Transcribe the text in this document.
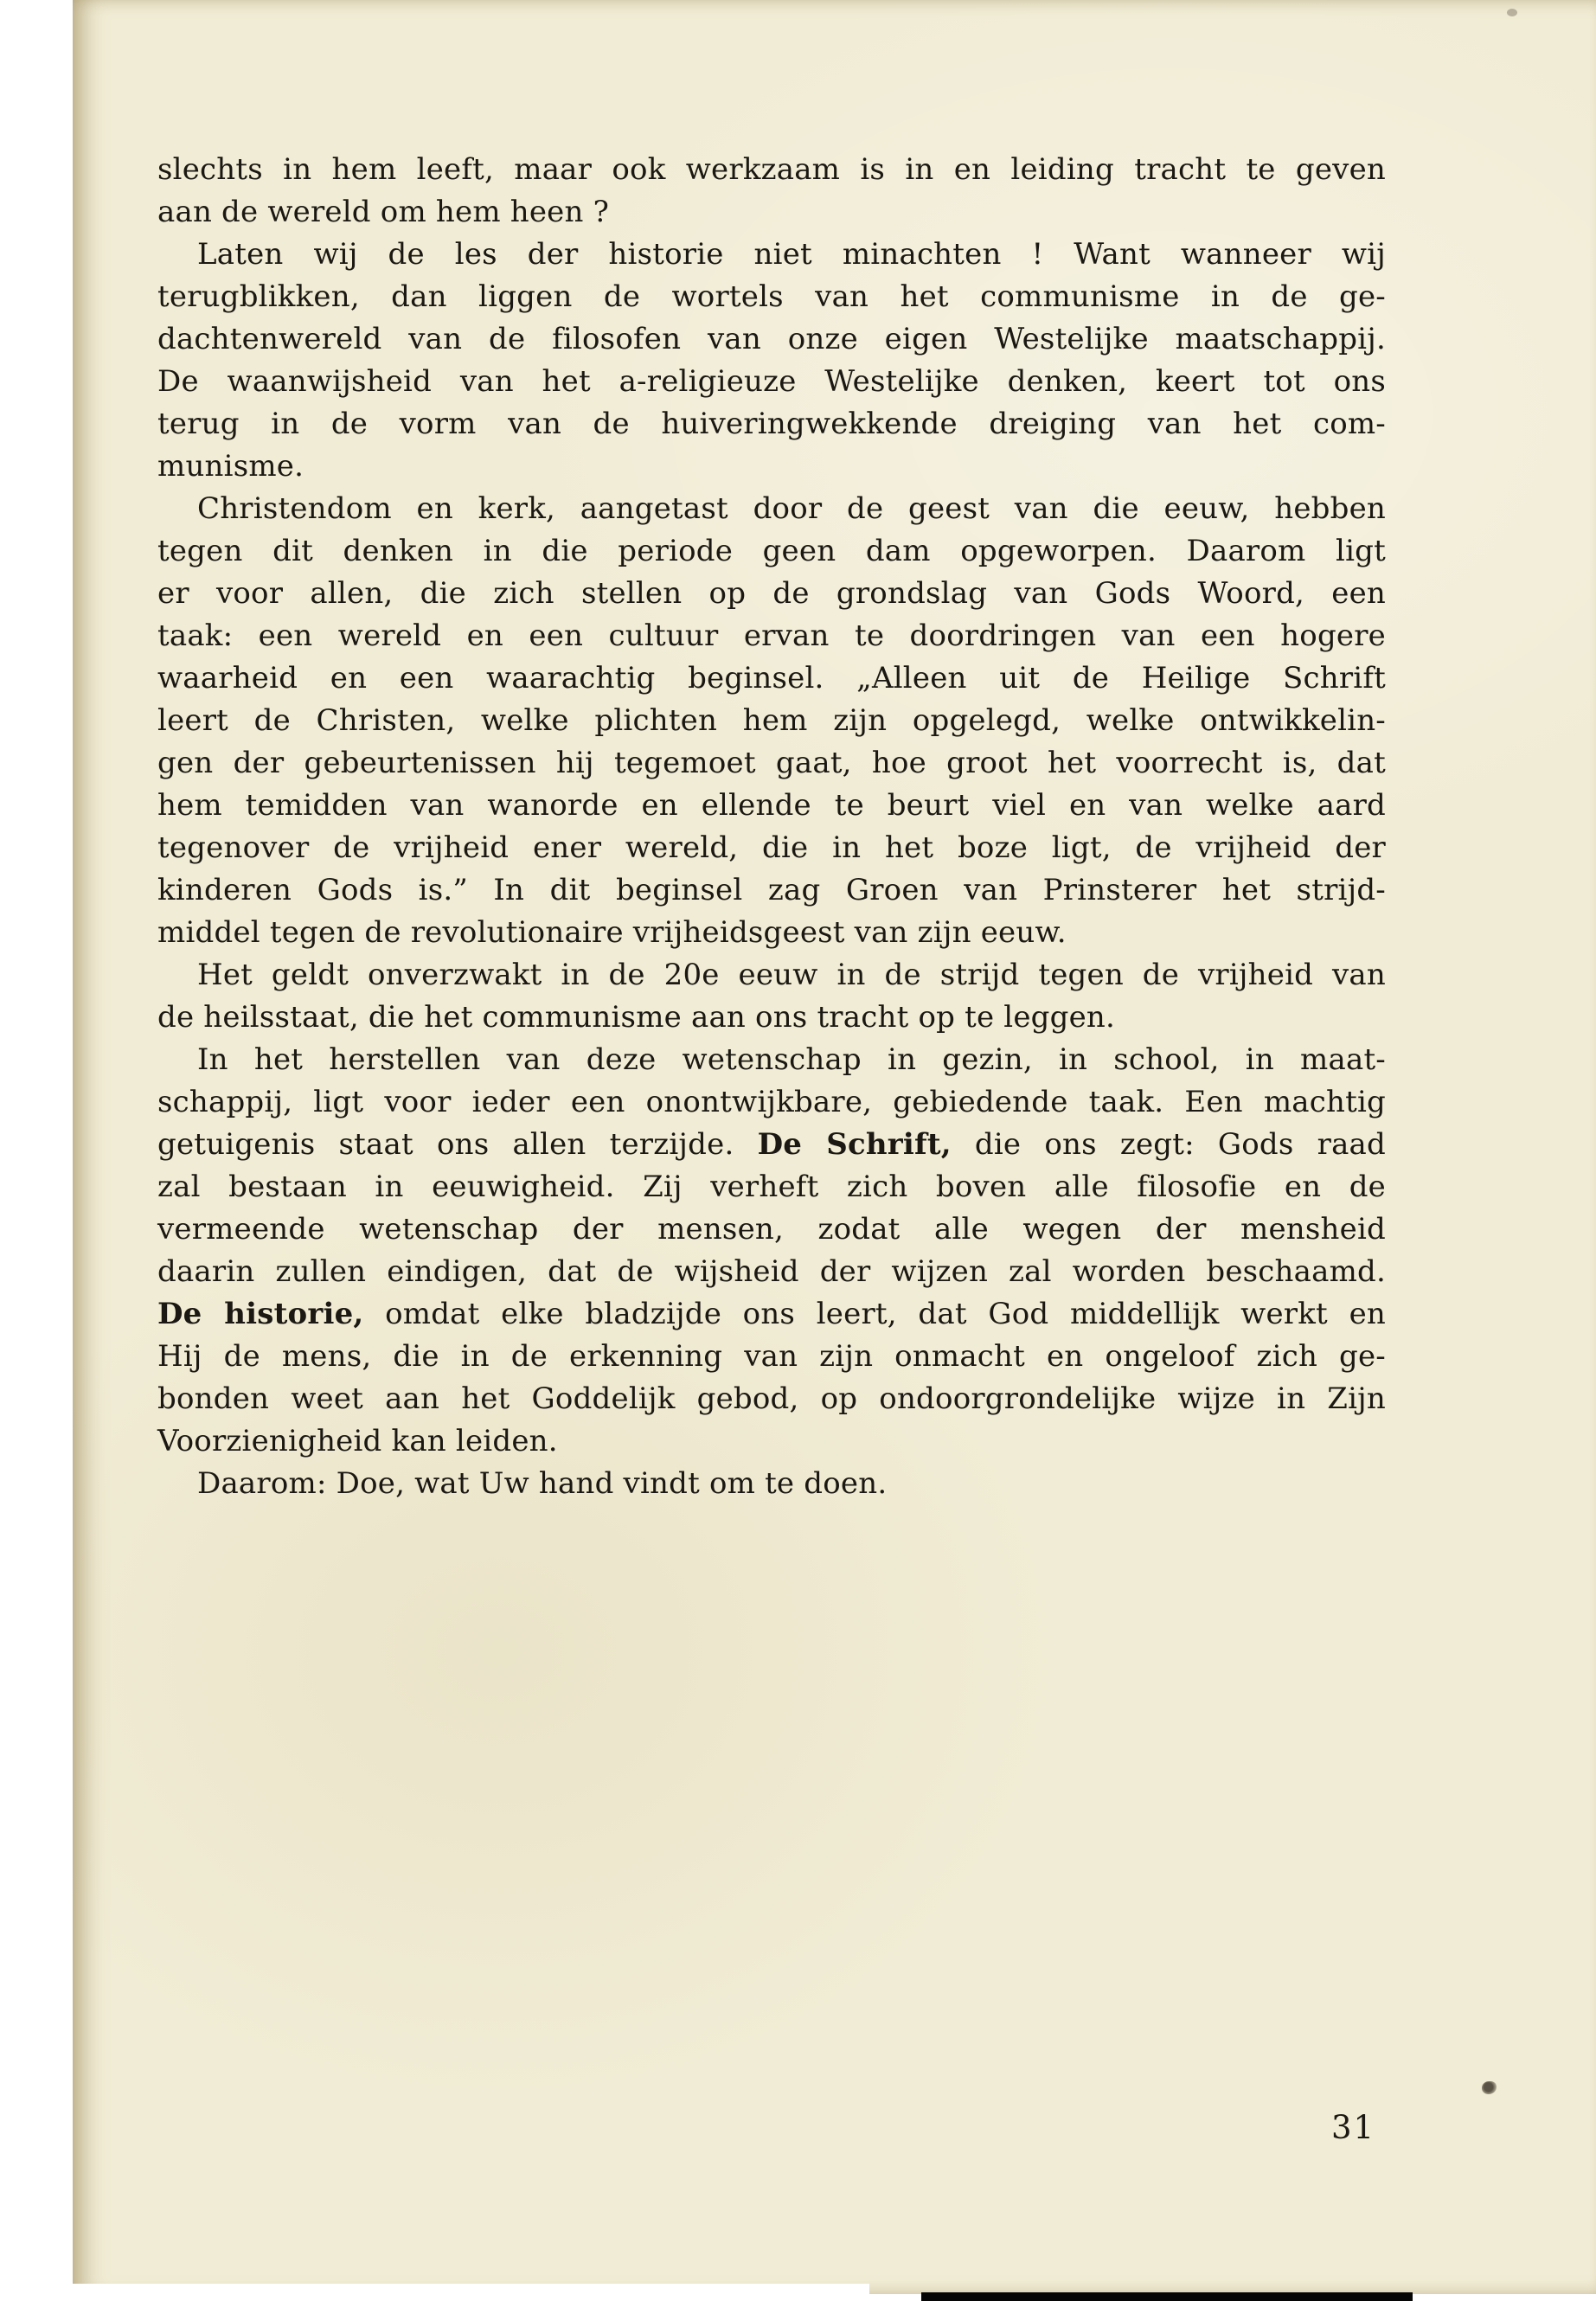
slechts in hem leeft, maar ook werkzaam is in en leiding tracht te geven
aan de wereld om hem heen ?
Laten wij de les der historie niet minachten ! Want wanneer wij
terugblikken, dan liggen de wortels van het communisme in de ge-
dachtenwereld van de filosofen van onze eigen Westelijke maatschappij.
De waanwijsheid van het a-religieuze Westelijke denken, keert tot ons
terug in de vorm van de huiveringwekkende dreiging van het com-
munisme.
Christendom en kerk, aangetast door de geest van die eeuw, hebben
tegen dit denken in die periode geen dam opgeworpen. Daarom ligt
er voor allen, die zich stellen op de grondslag van Gods Woord, een
taak: een wereld en een cultuur ervan te doordringen van een hogere
waarheid en een waarachtig beginsel. „Alleen uit de Heilige Schrift
leert de Christen, welke plichten hem zijn opgelegd, welke ontwikkelin-
gen der gebeurtenissen hij tegemoet gaat, hoe groot het voorrecht is, dat
hem temidden van wanorde en ellende te beurt viel en van welke aard
tegenover de vrijheid ener wereld, die in het boze ligt, de vrijheid der
kinderen Gods is.” In dit beginsel zag Groen van Prinsterer het strijd-
middel tegen de revolutionaire vrijheidsgeest van zijn eeuw.
Het geldt onverzwakt in de 20e eeuw in de strijd tegen de vrijheid van
de heilsstaat, die het communisme aan ons tracht op te leggen.
In het herstellen van deze wetenschap in gezin, in school, in maat-
schappij, ligt voor ieder een onontwijkbare, gebiedende taak. Een machtig
getuigenis staat ons allen terzijde. De Schrift, die ons zegt: Gods raad
zal bestaan in eeuwigheid. Zij verheft zich boven alle filosofie en de
vermeende wetenschap der mensen, zodat alle wegen der mensheid
daarin zullen eindigen, dat de wijsheid der wijzen zal worden beschaamd.
De historie, omdat elke bladzijde ons leert, dat God middellijk werkt en
Hij de mens, die in de erkenning van zijn onmacht en ongeloof zich ge-
bonden weet aan het Goddelijk gebod, op ondoorgrondelijke wijze in Zijn
Voorzienigheid kan leiden.
Daarom: Doe, wat Uw hand vindt om te doen.
31
